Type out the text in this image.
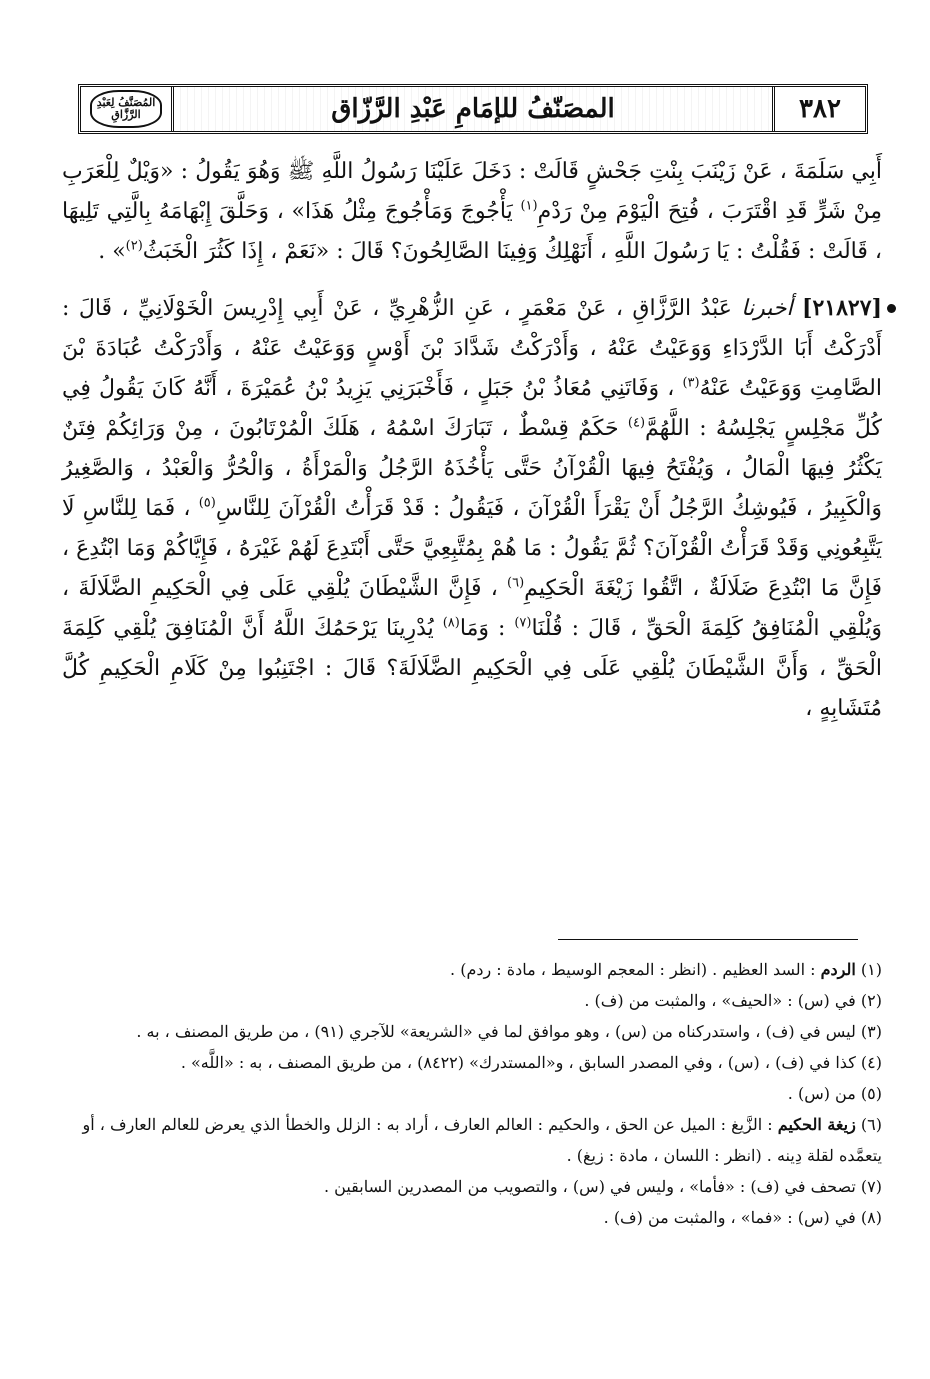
٣٨٢
المصَنّفُ للإمَامِ عَبْدِ الرَّزّاق
المُصَنَّفُ لِعَبْدِ الرَّزَّاقِ

أَبِي سَلَمَةَ ، عَنْ زَيْنَبَ بِنْتِ جَحْشٍ قَالَتْ : دَخَلَ عَلَيْنَا رَسُولُ اللَّهِ ﷺ وَهُوَ يَقُولُ : «وَيْلٌ لِلْعَرَبِ مِنْ شَرٍّ قَدِ اقْتَرَبَ ، فُتِحَ الْيَوْمَ مِنْ رَدْمِ$^{(١)}$ يَأْجُوجَ وَمَأْجُوجَ مِثْلُ هَذَا» ، وَحَلَّقَ إِبْهَامَهُ بِالَّتِي تَلِيهَا ، قَالَتْ : فَقُلْتُ : يَا رَسُولَ اللَّهِ ، أَنَهْلِكُ وَفِينَا الصَّالِحُونَ؟ قَالَ : «نَعَمْ ، إِذَا كَثُرَ الْخَبَثُ$^{(٢)}$» .

[٢١٨٢٧] أخبرنا عَبْدُ الرَّزَّاقِ ، عَنْ مَعْمَرٍ ، عَنِ الزُّهْرِيِّ ، عَنْ أَبِي إِدْرِيسَ الْخَوْلَانِيِّ ، قَالَ : أَدْرَكْتُ أَبَا الدَّرْدَاءِ وَوَعَيْتُ عَنْهُ ، وَأَدْرَكْتُ شَدَّادَ بْنَ أَوْسٍ وَوَعَيْتُ عَنْهُ ، وَأَدْرَكْتُ عُبَادَةَ بْنَ الصَّامِتِ وَوَعَيْتُ عَنْهُ$^{(٣)}$ ، وَفَاتَنِي مُعَاذُ بْنُ جَبَلٍ ، فَأَخْبَرَنِي يَزِيدُ بْنُ عُمَيْرَةَ ، أَنَّهُ كَانَ يَقُولُ فِي كُلِّ مَجْلِسٍ يَجْلِسُهُ : اللَّهُمَّ$^{(٤)}$ حَكَمٌ قِسْطٌ ، تَبَارَكَ اسْمُهُ ، هَلَكَ الْمُرْتَابُونَ ، مِنْ وَرَائِكُمْ فِتَنٌ يَكْثُرُ فِيهَا الْمَالُ ، وَيُفْتَحُ فِيهَا الْقُرْآنُ حَتَّى يَأْخُذَهُ الرَّجُلُ وَالْمَرْأَةُ ، وَالْحُرُّ وَالْعَبْدُ ، وَالصَّغِيرُ وَالْكَبِيرُ ، فَيُوشِكُ الرَّجُلُ أَنْ يَقْرَأَ الْقُرْآنَ ، فَيَقُولُ : قَدْ قَرَأْتُ الْقُرْآنَ لِلنَّاسِ$^{(٥)}$ ، فَمَا لِلنَّاسِ لَا يَتَّبِعُونِي وَقَدْ قَرَأْتُ الْقُرْآنَ؟ ثُمَّ يَقُولُ : مَا هُمْ بِمُتَّبِعِيَّ حَتَّى أَبْتَدِعَ لَهُمْ غَيْرَهُ ، فَإِيَّاكُمْ وَمَا ابْتُدِعَ ، فَإِنَّ مَا ابْتُدِعَ ضَلَالَةٌ ، اتَّقُوا زَيْغَةَ الْحَكِيمِ$^{(٦)}$ ، فَإِنَّ الشَّيْطَانَ يُلْقِي عَلَى فِي الْحَكِيمِ الضَّلَالَةَ ، وَيُلْقِي الْمُنَافِقُ كَلِمَةَ الْحَقِّ ، قَالَ : قُلْنَا$^{(٧)}$ : وَمَا$^{(٨)}$ يُدْرِينَا يَرْحَمُكَ اللَّهُ أَنَّ الْمُنَافِقَ يُلْقِي كَلِمَةَ الْحَقِّ ، وَأَنَّ الشَّيْطَانَ يُلْقِي عَلَى فِي الْحَكِيمِ الضَّلَالَةَ؟ قَالَ : اجْتَنِبُوا مِنْ كَلَامِ الْحَكِيمِ كُلَّ مُتَشَابِهٍ ،

(١) الردم : السد العظيم . (انظر : المعجم الوسيط ، مادة : ردم) .

(٢) في (س) : «الحيف» ، والمثبت من (ف) .

(٣) ليس في (ف) ، واستدركناه من (س) ، وهو موافق لما في «الشريعة» للآجري (٩١) ، من طريق المصنف ، به .

(٤) كذا في (ف) ، (س) ، وفي المصدر السابق ، و«المستدرك» (٨٤٢٢) ، من طريق المصنف ، به : «اللَّه» .

(٥) من (س) .

(٦) زيغة الحكيم : الزَّيغ : الميل عن الحق ، والحكيم : العالم العارف ، أراد به : الزلل والخطأ الذي يعرض للعالم العارف ، أو يتعمَّده لقلة دِينه . (انظر : اللسان ، مادة : زيغ) .

(٧) تصحف في (ف) : «فأما» ، وليس في (س) ، والتصويب من المصدرين السابقين .

(٨) في (س) : «فما» ، والمثبت من (ف) .
